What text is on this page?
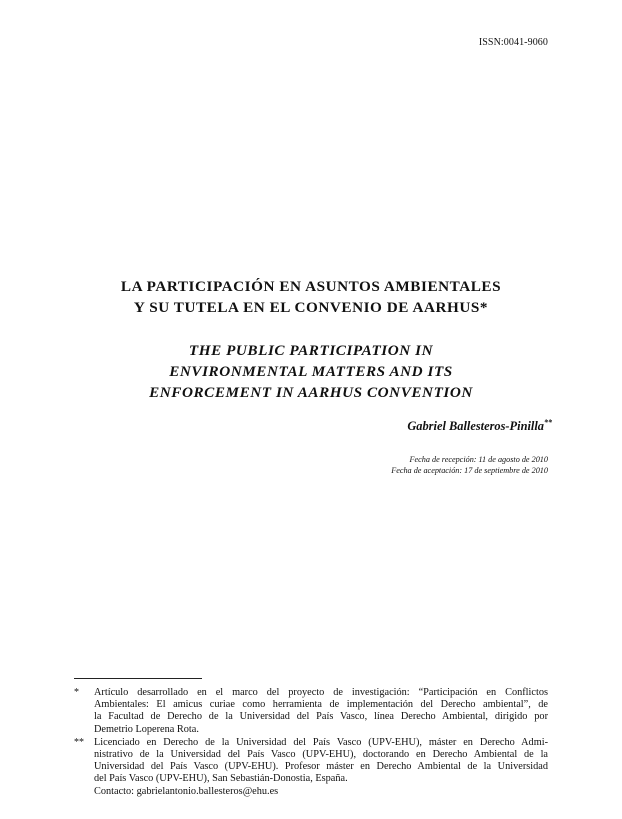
ISSN:0041-9060
LA PARTICIPACIÓN EN ASUNTOS AMBIENTALES
Y SU TUTELA EN EL CONVENIO DE AARHUS*
THE PUBLIC PARTICIPATION IN
ENVIRONMENTAL MATTERS AND ITS
ENFORCEMENT IN AARHUS CONVENTION
Gabriel Ballesteros-Pinilla**
Fecha de recepción: 11 de agosto de 2010
Fecha de aceptación: 17 de septiembre de 2010
* Artículo desarrollado en el marco del proyecto de investigación: “Participación en Conflictos
Ambientales: El amicus curiae como herramienta de implementación del Derecho ambiental”, de
la Facultad de Derecho de la Universidad del País Vasco, línea Derecho Ambiental, dirigido por
Demetrio Loperena Rota.
** Licenciado en Derecho de la Universidad del País Vasco (UPV-EHU), máster en Derecho Admi-
nistrativo de la Universidad del País Vasco (UPV-EHU), doctorando en Derecho Ambiental de la
Universidad del País Vasco (UPV-EHU). Profesor máster en Derecho Ambiental de la Universidad
del País Vasco (UPV-EHU), San Sebastián-Donostia, España.
Contacto: gabrielantonio.ballesteros@ehu.es
